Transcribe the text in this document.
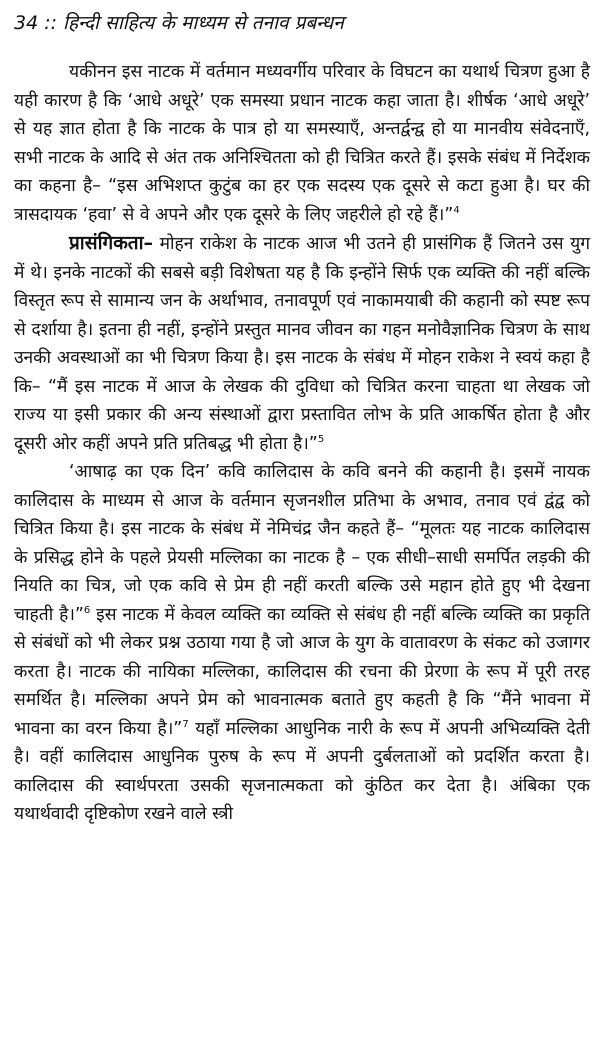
34 :: हिन्दी साहित्य के माध्यम से तनाव प्रबन्धन

यकीनन इस नाटक में वर्तमान मध्यवर्गीय परिवार के विघटन का यथार्थ चित्रण हुआ है यही कारण है कि ‘आधे अधूरे’ एक समस्या प्रधान नाटक कहा जाता है। शीर्षक ‘आधे अधूरे’ से यह ज्ञात होता है कि नाटक के पात्र हो या समस्याएँ, अन्तर्द्वन्द्व हो या मानवीय संवेदनाएँ, सभी नाटक के आदि से अंत तक अनिश्चितता को ही चित्रित करते हैं। इसके संबंध में निर्देशक का कहना है– “इस अभिशप्त कुटुंब का हर एक सदस्य एक दूसरे से कटा हुआ है। घर की त्रासदायक ‘हवा’ से वे अपने और एक दूसरे के लिए जहरीले हो रहे हैं।”$^4$

प्रासंगिकता– मोहन राकेश के नाटक आज भी उतने ही प्रासंगिक हैं जितने उस युग में थे। इनके नाटकों की सबसे बड़ी विशेषता यह है कि इन्होंने सिर्फ एक व्यक्ति की नहीं बल्कि विस्तृत रूप से सामान्य जन के अर्थाभाव, तनावपूर्ण एवं नाकामयाबी की कहानी को स्पष्ट रूप से दर्शाया है। इतना ही नहीं, इन्होंने प्रस्तुत मानव जीवन का गहन मनोवैज्ञानिक चित्रण के साथ उनकी अवस्थाओं का भी चित्रण किया है। इस नाटक के संबंध में मोहन राकेश ने स्वयं कहा है कि– “मैं इस नाटक में आज के लेखक की दुविधा को चित्रित करना चाहता था लेखक जो राज्य या इसी प्रकार की अन्य संस्थाओं द्वारा प्रस्तावित लोभ के प्रति आकर्षित होता है और दूसरी ओर कहीं अपने प्रति प्रतिबद्ध भी होता है।”$^5$

‘आषाढ़ का एक दिन’ कवि कालिदास के कवि बनने की कहानी है। इसमें नायक कालिदास के माध्यम से आज के वर्तमान सृजनशील प्रतिभा के अभाव, तनाव एवं द्वंद्व को चित्रित किया है। इस नाटक के संबंध में नेमिचंद्र जैन कहते हैं– “मूलतः यह नाटक कालिदास के प्रसिद्ध होने के पहले प्रेयसी मल्लिका का नाटक है – एक सीधी–साधी समर्पित लड़की की नियति का चित्र, जो एक कवि से प्रेम ही नहीं करती बल्कि उसे महान होते हुए भी देखना चाहती है।”$^6$ इस नाटक में केवल व्यक्ति का व्यक्ति से संबंध ही नहीं बल्कि व्यक्ति का प्रकृति से संबंधों को भी लेकर प्रश्न उठाया गया है जो आज के युग के वातावरण के संकट को उजागर करता है। नाटक की नायिका मल्लिका, कालिदास की रचना की प्रेरणा के रूप में पूरी तरह समर्थित है। मल्लिका अपने प्रेम को भावनात्मक बताते हुए कहती है कि “मैंने भावना में भावना का वरन किया है।”$^7$ यहाँ मल्लिका आधुनिक नारी के रूप में अपनी अभिव्यक्ति देती है। वहीं कालिदास आधुनिक पुरुष के रूप में अपनी दुर्बलताओं को प्रदर्शित करता है। कालिदास की स्वार्थपरता उसकी सृजनात्मकता को कुंठित कर देता है। अंबिका एक यथार्थवादी दृष्टिकोण रखने वाले स्त्री
